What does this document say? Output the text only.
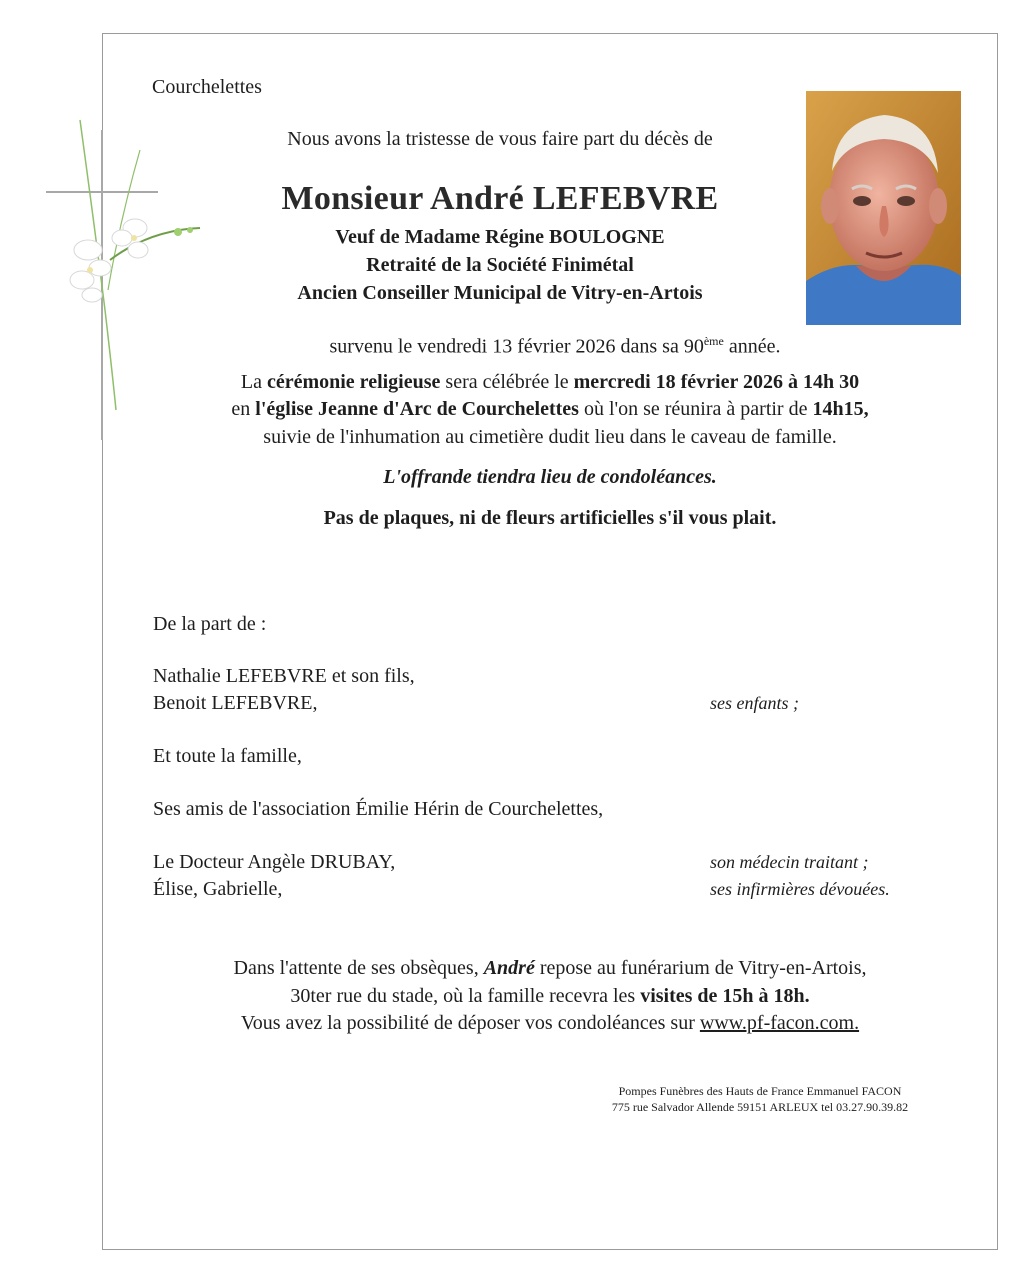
Courchelettes
Nous avons la tristesse de vous faire part du décès de
Monsieur André LEFEBVRE
Veuf de Madame Régine BOULOGNE
Retraité de la Société Finimétal
Ancien Conseiller Municipal de Vitry-en-Artois
survenu le vendredi 13 février 2026 dans sa 90ème année.
La cérémonie religieuse sera célébrée le mercredi 18 février 2026 à 14h 30
en l'église Jeanne d'Arc de Courchelettes où l'on se réunira à partir de 14h15,
suivie de l'inhumation au cimetière dudit lieu dans le caveau de famille.
L'offrande tiendra lieu de condoléances.
Pas de plaques, ni de fleurs artificielles s'il vous plait.
De la part de :
Nathalie LEFEBVRE et son fils,
Benoit LEFEBVRE,	ses enfants ;
Et toute la famille,
Ses amis de l'association Émilie Hérin de Courchelettes,
Le Docteur Angèle DRUBAY,	son médecin traitant ;
Élise, Gabrielle,	ses infirmières dévouées.
Dans l'attente de ses obsèques, André repose au funérarium de Vitry-en-Artois,
30ter rue du stade, où la famille recevra les visites de 15h à 18h.
Vous avez la possibilité de déposer vos condoléances sur www.pf-facon.com.
Pompes Funèbres des Hauts de France Emmanuel FACON
775 rue Salvador Allende 59151 ARLEUX tel 03.27.90.39.82
